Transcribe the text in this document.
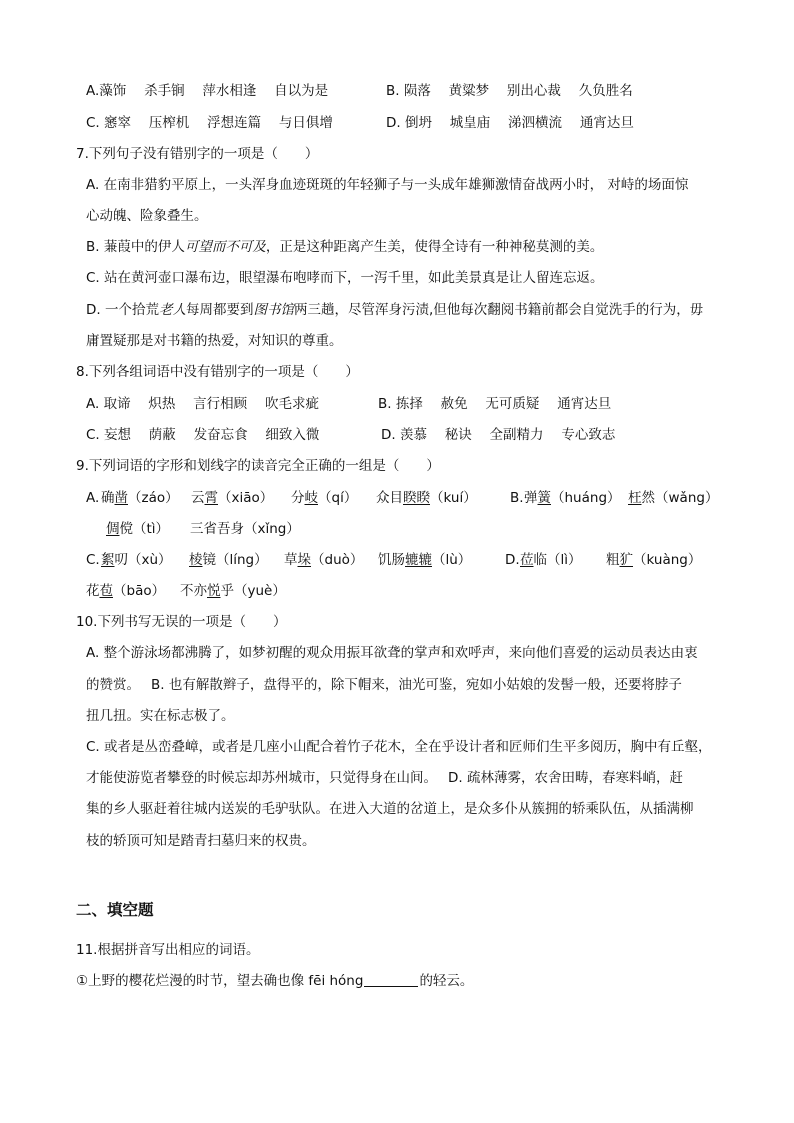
A.藻饰　 杀手锏　 萍水相逢　 自以为是	B. 陨落　 黄粱梦　 别出心裁　 久负胜名
C. 窸窣　 压榨机　 浮想连篇　 与日俱增	D. 倒坍　 城皇庙　 涕泗横流　 通宵达旦
7.下列句子没有错别字的一项是（　　）
A. 在南非猎豹平原上，一头浑身血迹斑斑的年轻狮子与一头成年雄狮激情奋战两小时， 对峙的场面惊
心动魄、险象叠生。
B. 蒹葭中的伊人可望而不可及，正是这种距离产生美，使得全诗有一种神秘莫测的美。
C. 站在黄河壶口瀑布边，眼望瀑布咆哮而下，一泻千里，如此美景真是让人留连忘返。
D. 一个拾荒老人每周都要到图书馆两三趟，尽管浑身污渍,但他每次翻阅书籍前都会自觉洗手的行为，毋
庸置疑那是对书籍的热爱，对知识的尊重。
8.下列各组词语中没有错别字的一项是（　　）
A. 取谛　 炽热　 言行相顾　 吹毛求疵	B. 拣择　 赦免　 无可质疑　 通宵达旦
C. 妄想　 荫蔽　 发奋忘食　 细致入微	D. 羡慕　 秘诀　 全副精力　 专心致志
9.下列词语的字形和划线字的读音完全正确的一组是（　　）
A. 确凿（záo） 云霄（xiāo） 分岐（qí） 众目睽睽（kuí） B. 弹簧（huáng） 枉然（wǎng）
倜傥（tì） 三省吾身（xǐng）
C. 絮叨（xù） 棱镜（líng） 草垛（duò） 饥肠辘辘（lù） D. 莅临（lì） 粗犷（kuàng）
花苞（bāo） 不亦悦乎（yuè）
10.下列书写无误的一项是（　　）
A. 整个游泳场都沸腾了，如梦初醒的观众用振耳欲聋的掌声和欢呼声，来向他们喜爱的运动员表达由衷
的赞赏。　 B. 也有解散辫子，盘得平的，除下帽来，油光可鉴，宛如小姑娘的发髻一般，还要将脖子
扭几扭。实在标志极了。
C. 或者是丛峦叠嶂，或者是几座小山配合着竹子花木，全在乎设计者和匠师们生平多阅历，胸中有丘壑，
才能使游览者攀登的时候忘却苏州城市，只觉得身在山间。　 D. 疏林薄雾，农舍田畴，春寒料峭，赶
集的乡人驱赶着往城内送炭的毛驴驮队。在进入大道的岔道上，是众多仆从簇拥的轿乘队伍，从插满柳
枝的轿顶可知是踏青扫墓归来的权贵。
二、填空题
11.根据拼音写出相应的词语。
①上野的樱花烂漫的时节，望去确也像 fēi hóng	的轻云。
